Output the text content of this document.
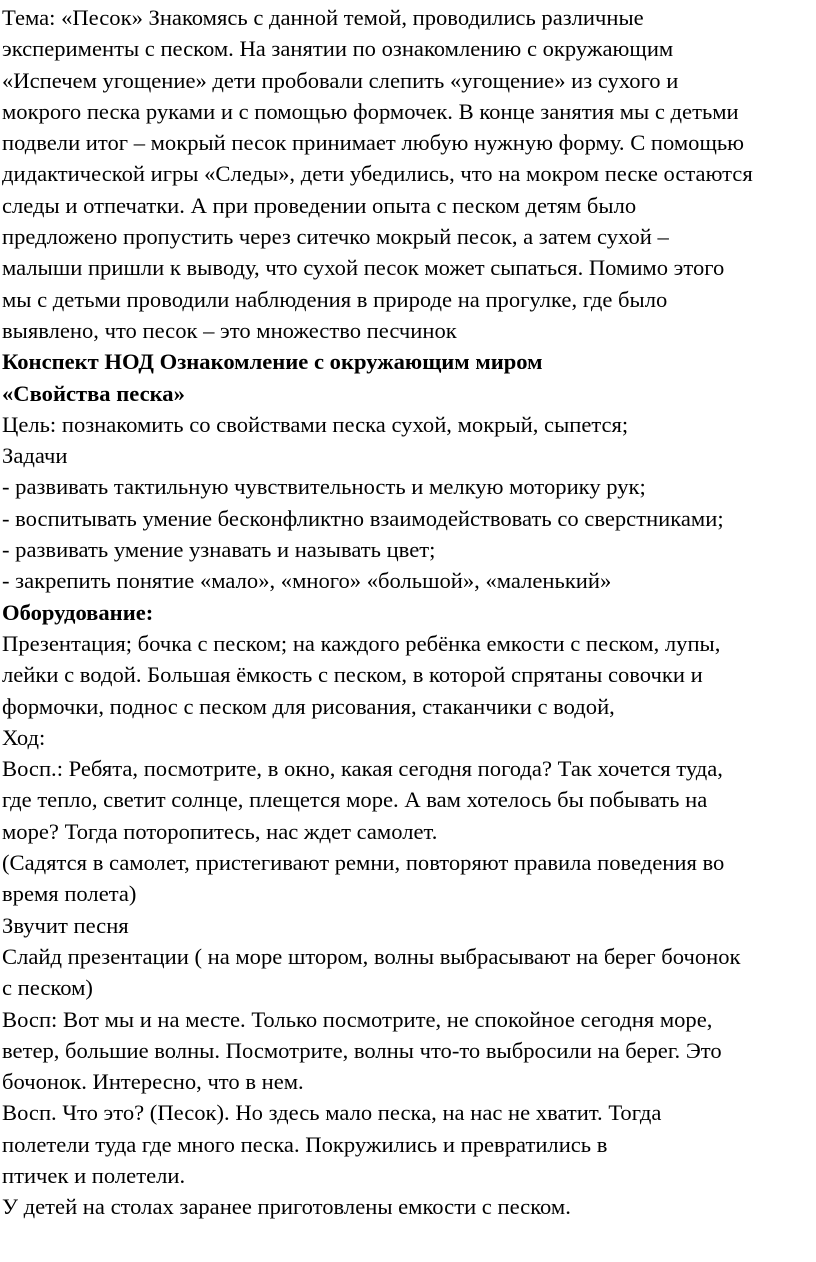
Тема: «Песок» Знакомясь с данной темой, проводились различные
эксперименты с песком. На занятии по ознакомлению с окружающим
«Испечем угощение» дети пробовали слепить «угощение» из сухого и
мокрого песка руками и с помощью формочек. В конце занятия мы с детьми
подвели итог – мокрый песок принимает любую нужную форму. С помощью
дидактической игры «Следы», дети убедились, что на мокром песке остаются
следы и отпечатки. А при проведении опыта с песком детям было
предложено пропустить через ситечко мокрый песок, а затем сухой –
малыши пришли к выводу, что сухой песок может сыпаться. Помимо этого
мы с детьми проводили наблюдения в природе на прогулке, где было
выявлено, что песок – это множество песчинок
Конспект НОД Ознакомление с окружающим миром
«Свойства песка»
Цель: познакомить со свойствами песка сухой, мокрый, сыпется;
Задачи
- развивать тактильную чувствительность и мелкую моторику рук;
- воспитывать умение бесконфликтно взаимодействовать со сверстниками;
- развивать умение узнавать и называть цвет;
- закрепить понятие «мало», «много» «большой», «маленький»
Оборудование:
Презентация; бочка с песком; на каждого ребёнка емкости с песком, лупы,
лейки с водой. Большая ёмкость с песком, в которой спрятаны совочки и
формочки, поднос с песком для рисования, стаканчики с водой,
Ход:
Восп.: Ребята, посмотрите, в окно, какая сегодня погода? Так хочется туда,
где тепло, светит солнце, плещется море. А вам хотелось бы побывать на
море? Тогда поторопитесь, нас ждет самолет.
(Садятся в самолет, пристегивают ремни, повторяют правила поведения во
время полета)
Звучит песня
Слайд презентации ( на море штором, волны выбрасывают на берег бочонок
с песком)
Восп: Вот мы и на месте. Только посмотрите, не спокойное сегодня море,
ветер, большие волны. Посмотрите, волны что-то выбросили на берег. Это
бочонок. Интересно, что в нем.
Восп. Что это? (Песок). Но здесь мало песка, на нас не хватит. Тогда
полетели туда где много песка. Покружились и превратились в
птичек и полетели.
У детей на столах заранее приготовлены емкости с песком.
